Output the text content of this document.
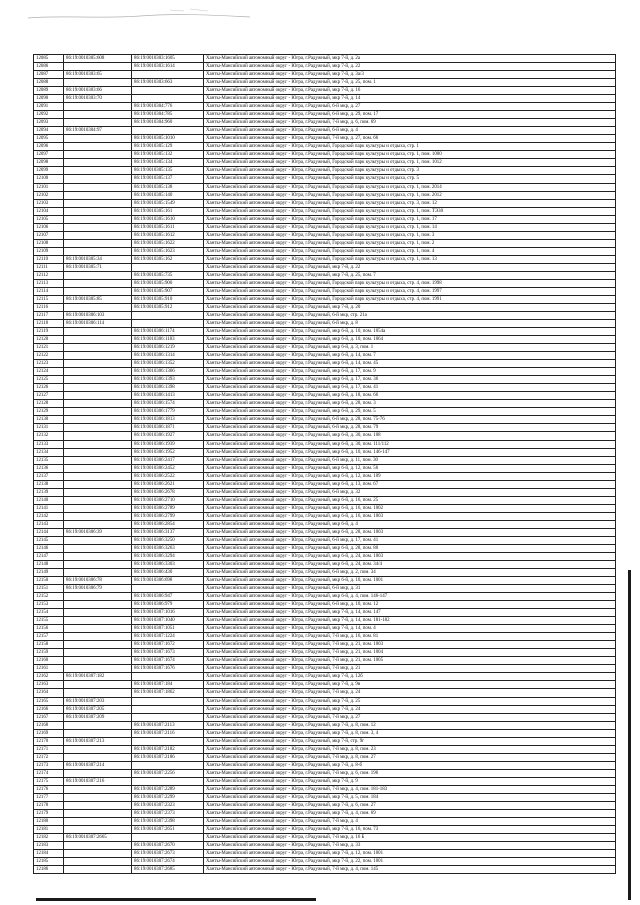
12085	86:19:0010305:608	86:19:0010303:1605	Ханты-Мансийский автономный округ - Югра, г.Радужный, мкр 7-й, д. 2а
12086		86:19:0010303:1614	Ханты-Мансийский автономный округ - Югра, г.Радужный, мкр 7-й, д. 22
12087	86:19:0010303:65		Ханты-Мансийский автономный округ - Югра, г.Радужный, мкр 7-й, д. 3а/3
12088		86:19:0010303:663	Ханты-Мансийский автономный округ - Югра, г.Радужный, мкр 7-й, д. 25, пом. 1
12089	86:19:0010303:66		Ханты-Мансийский автономный округ - Югра, г.Радужный, мкр 7-й, д. 16
12090	86:19:0010303:70		Ханты-Мансийский автономный округ - Югра, г.Радужный, мкр 7-й, д. 14
12091		86:19:0010304:776	Ханты-Мансийский автономный округ - Югра, г.Радужный, 6-й мкр, д. 27
12092		86:19:0010304:785	Ханты-Мансийский автономный округ - Югра, г.Радужный, 6-й мкр, д. 29, пом. 17
12093		86:19:0010304:960	Ханты-Мансийский автономный округ - Югра, г.Радужный, 7-й мкр, д. 6, пом. 69
12094	86:19:0010304:97		Ханты-Мансийский автономный округ - Югра, г.Радужный, 6-й мкр, д. 4
12095		86:19:0010305:1010	Ханты-Мансийский автономный округ - Югра, г.Радужный, 7-й мкр, д. 27, пом. 66
12096		86:19:0010305:129	Ханты-Мансийский автономный округ - Югра, г.Радужный, Городской парк культуры и отдыха, стр. 1
12097		86:19:0010305:132	Ханты-Мансийский автономный округ - Югра, г.Радужный, Городской парк культуры и отдыха, стр. 1, пом. 1000
12098		86:19:0010305:134	Ханты-Мансийский автономный округ - Югра, г.Радужный, Городской парк культуры и отдыха, стр. 1, пом. 1012
12099		86:19:0010305:135	Ханты-Мансийский автономный округ - Югра, г.Радужный, Городской парк культуры и отдыха, стр. 3
12100		86:19:0010305:137	Ханты-Мансийский автономный округ - Югра, г.Радужный, Городской парк культуры и отдыха, стр. 5
12101		86:19:0010305:138	Ханты-Мансийский автономный округ - Югра, г.Радужный, Городской парк культуры и отдыха, стр. 1, пом. 2014
12102		86:19:0010305:140	Ханты-Мансийский автономный округ - Югра, г.Радужный, Городской парк культуры и отдыха, стр. 1, пом. 2012
12103		86:19:0010305:1549	Ханты-Мансийский автономный округ - Югра, г.Радужный, Городской парк культуры и отдыха, стр. 3, пом. 12
12104		86:19:0010305:161	Ханты-Мансийский автономный округ - Югра, г.Радужный, Городской парк культуры и отдыха, стр. 1, пом. ТЭ30
12105		86:19:0010305:1610	Ханты-Мансийский автономный округ - Югра, г.Радужный, Городской парк культуры и отдыха, стр. 1, пом. 17
12106		86:19:0010305:1611	Ханты-Мансийский автономный округ - Югра, г.Радужный, Городской парк культуры и отдыха, стр. 1, пом. 14
12107		86:19:0010305:1612	Ханты-Мансийский автономный округ - Югра, г.Радужный, Городской парк культуры и отдыха, стр. 1, пом. 3
12108		86:19:0010305:1622	Ханты-Мансийский автономный округ - Югра, г.Радужный, Городской парк культуры и отдыха, стр. 1, пом. 2
12109		86:19:0010305:1623	Ханты-Мансийский автономный округ - Югра, г.Радужный, Городской парк культуры и отдыха, стр. 1, пом. 4
12110	86:19:0010305:34	86:19:0010305:162	Ханты-Мансийский автономный округ - Югра, г.Радужный, Городской парк культуры и отдыха, стр. 1, пом. 13
12111	86:19:0010305:71		Ханты-Мансийский автономный округ - Югра, г.Радужный, мкр 7-й, д. 22
12112		86:19:0010305:735	Ханты-Мансийский автономный округ - Югра, г.Радужный, мкр 7-й, д. 25, пом. 7
12113		86:19:0010305:900	Ханты-Мансийский автономный округ - Югра, г.Радужный, Городской парк культуры и отдыха, стр. 4, пом. 1998
12114		86:19:0010305:907	Ханты-Мансийский автономный округ - Югра, г.Радужный, Городской парк культуры и отдыха, стр. 4, пом. 1997
12115	86:19:0010305:85	86:19:0010305:910	Ханты-Мансийский автономный округ - Югра, г.Радужный, Городской парк культуры и отдыха, стр. 4, пом. 1991
12116		86:19:0010305:912	Ханты-Мансийский автономный округ - Югра, г.Радужный, мкр 7-й, д. 20
12117	86:19:0010306:103		Ханты-Мансийский автономный округ - Югра, г.Радужный, 6-й мкр, стр. 21а
12118	86:19:0010306:114		Ханты-Мансийский автономный округ - Югра, г.Радужный, 6-й мкр, д. 8
12119		86:19:0010306:1174	Ханты-Мансийский автономный округ - Югра, г.Радужный, мкр 6-й, д. 10, пом. 1054а
12120		86:19:0010306:1183	Ханты-Мансийский автономный округ - Югра, г.Радужный, мкр 6-й, д. 10, пом. 1064
12121		86:19:0010306:1219	Ханты-Мансийский автономный округ - Югра, г.Радужный, мкр 6-й, д. 3, пом. 1
12122		86:19:0010306:1314	Ханты-Мансийский автономный округ - Югра, г.Радужный, мкр 6-й, д. 14, пом. 7
12123		86:19:0010306:1352	Ханты-Мансийский автономный округ - Югра, г.Радужный, мкр 6-й, д. 14, пом. 45
12124		86:19:0010306:1366	Ханты-Мансийский автономный округ - Югра, г.Радужный, мкр 6-й, д. 17, пом. 9
12125		86:19:0010306:1393	Ханты-Мансийский автономный округ - Югра, г.Радужный, мкр 6-й, д. 17, пом. 36
12126		86:19:0010306:1398	Ханты-Мансийский автономный округ - Югра, г.Радужный, мкр 6-й, д. 17, пом. 41
12127		86:19:0010306:1413	Ханты-Мансийский автономный округ - Югра, г.Радужный, мкр 6-й, д. 18, пом. 66
12128		86:19:0010306:1574	Ханты-Мансийский автономный округ - Югра, г.Радужный, мкр 6-й, д. 28, пом. 3
12129		86:19:0010306:1779	Ханты-Мансийский автономный округ - Югра, г.Радужный, мкр 6-й, д. 29, пом. 5
12130		86:19:0010306:1813	Ханты-Мансийский автономный округ - Югра, г.Радужный, 6-й мкр, д. 28, пом. 75-76
12131		86:19:0010306:1871	Ханты-Мансийский автономный округ - Югра, г.Радужный, 6-й мкр, д. 28, пом. 79
12132		86:19:0010306:1927	Ханты-Мансийский автономный округ - Югра, г.Радужный, мкр 6-й, д. 30, пом. 108
12133		86:19:0010306:1939	Ханты-Мансийский автономный округ - Югра, г.Радужный, мкр 6-й, д. 30, пом. 111/112
12134		86:19:0010306:1952	Ханты-Мансийский автономный округ - Югра, г.Радужный, мкр 6-й, д. 10, пом. 146-147
12135		86:19:0010306:2417	Ханты-Мансийский автономный округ - Югра, г.Радужный, 6-й мкр, д. 11, пом. 30
12136		86:19:0010306:2452	Ханты-Мансийский автономный округ - Югра, г.Радужный, мкр 6-й, д. 12, пом. 56
12137		86:19:0010306:2522	Ханты-Мансийский автономный округ - Югра, г.Радужный, мкр 6-й, д. 12, пом. 109
12138		86:19:0010306:2621	Ханты-Мансийский автономный округ - Югра, г.Радужный, мкр 6-й, д. 13, пом. 67
12139		86:19:0010306:2678	Ханты-Мансийский автономный округ - Югра, г.Радужный, 6-й мкр, д. 32
12140		86:19:0010306:2710	Ханты-Мансийский автономный округ - Югра, г.Радужный, мкр 6-й, д. 16, пом. 25
12141		86:19:0010306:2789	Ханты-Мансийский автономный округ - Югра, г.Радужный, мкр 6-й, д. 16, пом. 1002
12142		86:19:0010306:2799	Ханты-Мансийский автономный округ - Югра, г.Радужный, мкр 6-й, д. 16, пом. 1003
12143		86:19:0010306:2854	Ханты-Мансийский автономный округ - Югра, г.Радужный, мкр 6-й, д. 4
12144	86:19:0010306:39	86:19:0010306:3137	Ханты-Мансийский автономный округ - Югра, г.Радужный, мкр 6-й, д. 28, пом. 1003
12145		86:19:0010306:3250	Ханты-Мансийский автономный округ - Югра, г.Радужный, 6-й мкр, д. 17, пом. 41
12146		86:19:0010306:3263	Ханты-Мансийский автономный округ - Югра, г.Радужный, мкр 6-й, д. 28, пом. 80
12147		86:19:0010306:3294	Ханты-Мансийский автономный округ - Югра, г.Радужный, мкр 6-й, д. 24, пом. 1003
12148		86:19:0010306:3303	Ханты-Мансийский автономный округ - Югра, г.Радужный, мкр 6-й, д. 24, пом. 34/4
12149		86:19:0010306:430	Ханты-Мансийский автономный округ - Югра, г.Радужный, 6-й мкр, д. 2, пом. 34
12150	86:19:0010306:78	86:19:0010306:698	Ханты-Мансийский автономный округ - Югра, г.Радужный, мкр 6-й, д. 10, пом. 1001
12151	86:19:0010306:79		Ханты-Мансийский автономный округ - Югра, г.Радужный, 6-й мкр, д. 31
12152		86:19:0010306:947	Ханты-Мансийский автономный округ - Югра, г.Радужный, мкр 6-й, д. 4, пом. 146-147
12153		86:19:0010306:979	Ханты-Мансийский автономный округ - Югра, г.Радужный, 6-й мкр, д. 10, пом. 12
12154		86:19:0010307:1016	Ханты-Мансийский автономный округ - Югра, г.Радужный, мкр 7-й, д. 14, пом. 147
12155		86:19:0010307:1040	Ханты-Мансийский автономный округ - Югра, г.Радужный, мкр 7-й, д. 14, пом. 181-182
12156		86:19:0010307:1051	Ханты-Мансийский автономный округ - Югра, г.Радужный, мкр 7-й, д. 14, пом. 4
12157		86:19:0010307:1224	Ханты-Мансийский автономный округ - Югра, г.Радужный, 7-й мкр, д. 16, пом. 81
12158		86:19:0010307:1672	Ханты-Мансийский автономный округ - Югра, г.Радужный, 7-й мкр, д. 21, пом. 1003
12159		86:19:0010307:1673	Ханты-Мансийский автономный округ - Югра, г.Радужный, 7-й мкр, д. 21, пом. 1004
12160		86:19:0010307:1674	Ханты-Мансийский автономный округ - Югра, г.Радужный, 7-й мкр, д. 21, пом. 1005
12161		86:19:0010307:1676	Ханты-Мансийский автономный округ - Югра, г.Радужный, 7-й мкр, д. 21
12162	86:19:0010307:182		Ханты-Мансийский автономный округ - Югра, г.Радужный, мкр 7-й, д. 12б
12163		86:19:0010307:184	Ханты-Мансийский автономный округ - Югра, г.Радужный, мкр 7-й, д. 9в
12164		86:19:0010307:1862	Ханты-Мансийский автономный округ - Югра, г.Радужный, 7-й мкр, д. 24
12165	86:19:0010307:203		Ханты-Мансийский автономный округ - Югра, г.Радужный, мкр 7-й, д. 25
12166	86:19:0010307:205		Ханты-Мансийский автономный округ - Югра, г.Радужный, мкр 7-й, д. 24
12167	86:19:0010307:209		Ханты-Мансийский автономный округ - Югра, г.Радужный, 7-й мкр, д. 27
12168		86:19:0010307:2113	Ханты-Мансийский автономный округ - Югра, г.Радужный, мкр 7-й, д. 8, пом. 12
12169		86:19:0010307:2116	Ханты-Мансийский автономный округ - Югра, г.Радужный, мкр 7-й, д. 8, пом. 3, 4
12170	86:19:0010307:213		Ханты-Мансийский автономный округ - Югра, г.Радужный, мкр 7-й, стр. 9г
12171		86:19:0010307:2182	Ханты-Мансийский автономный округ - Югра, г.Радужный, 7-й мкр, д. 8, пом. 23
12172		86:19:0010307:2186	Ханты-Мансийский автономный округ - Югра, г.Радужный, 7-й мкр, д. 8, пом. 27
12173	86:19:0010307:214		Ханты-Мансийский автономный округ - Югра, г.Радужный, мкр 7-й, д. 8-б
12174		86:19:0010307:2256	Ханты-Мансийский автономный округ - Югра, г.Радужный, 7-й мкр, д. 6, пом. 196
12175	86:19:0010307:216		Ханты-Мансийский автономный округ - Югра, г.Радужный, мкр 7-й, д. 9
12176		86:19:0010307:2289	Ханты-Мансийский автономный округ - Югра, г.Радужный, 7-й мкр, д. 4, пом. 181-183
12177		86:19:0010307:2299	Ханты-Мансийский автономный округ - Югра, г.Радужный, мкр 7-й, д. 5, пом. 184
12178		86:19:0010307:2323	Ханты-Мансийский автономный округ - Югра, г.Радужный, мкр 7-й, д. 6, пом. 27
12179		86:19:0010307:2373	Ханты-Мансийский автономный округ - Югра, г.Радужный, мкр 7-й, д. 4, пом. 69
12180		86:19:0010307:2398	Ханты-Мансийский автономный округ - Югра, г.Радужный, 7-й мкр, д. 4
12181		86:19:0010307:2651	Ханты-Мансийский автономный округ - Югра, г.Радужный, мкр 7-й, д. 16, пом. 73
12182	86:19:0010307:2665		Ханты-Мансийский автономный округ - Югра, г.Радужный, 7-й мкр, д. 16 Б
12183		86:19:0010307:2670	Ханты-Мансийский автономный округ - Югра, г.Радужный, 7-й мкр, д. 33
12184		86:19:0010307:2673	Ханты-Мансийский автономный округ - Югра, г.Радужный, мкр 7-й, д. 12, пом. 1001
12185		86:19:0010307:2674	Ханты-Мансийский автономный округ - Югра, г.Радужный, мкр 7-й, д. 22, пом. 1001
12186		86:19:0010307:2685	Ханты-Мансийский автономный округ - Югра, г.Радужный, 7-й мкр, д. 4, пом. 145
